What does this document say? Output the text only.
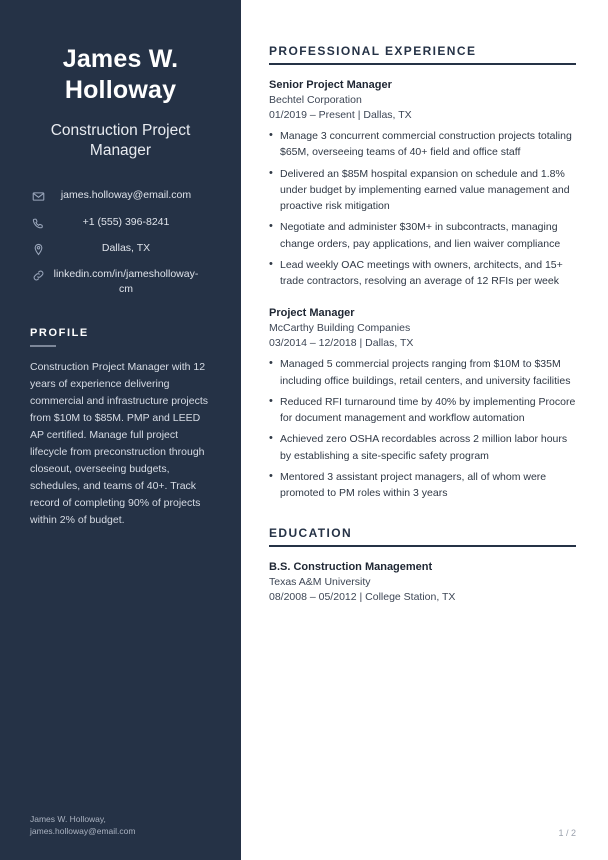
James W. Holloway
Construction Project Manager
james.holloway@email.com
+1 (555) 396-8241
Dallas, TX
linkedin.com/in/jamesholloway-cm
PROFILE

Construction Project Manager with 12 years of experience delivering commercial and infrastructure projects from $10M to $85M. PMP and LEED AP certified. Manage full project lifecycle from preconstruction through closeout, overseeing budgets, schedules, and teams of 40+. Track record of completing 90% of projects within 2% of budget.

James W. Holloway,
james.holloway@email.com
PROFESSIONAL EXPERIENCE
Senior Project Manager
Bechtel Corporation
01/2019 – Present | Dallas, TX
• Manage 3 concurrent commercial construction projects totaling $65M, overseeing teams of 40+ field and office staff
• Delivered an $85M hospital expansion on schedule and 1.8% under budget by implementing earned value management and proactive risk mitigation
• Negotiate and administer $30M+ in subcontracts, managing change orders, pay applications, and lien waiver compliance
• Lead weekly OAC meetings with owners, architects, and 15+ trade contractors, resolving an average of 12 RFIs per week
Project Manager
McCarthy Building Companies
03/2014 – 12/2018 | Dallas, TX
• Managed 5 commercial projects ranging from $10M to $35M including office buildings, retail centers, and university facilities
• Reduced RFI turnaround time by 40% by implementing Procore for document management and workflow automation
• Achieved zero OSHA recordables across 2 million labor hours by establishing a site-specific safety program
• Mentored 3 assistant project managers, all of whom were promoted to PM roles within 3 years
EDUCATION
B.S. Construction Management
Texas A&M University
08/2008 – 05/2012 | College Station, TX
1 / 2
